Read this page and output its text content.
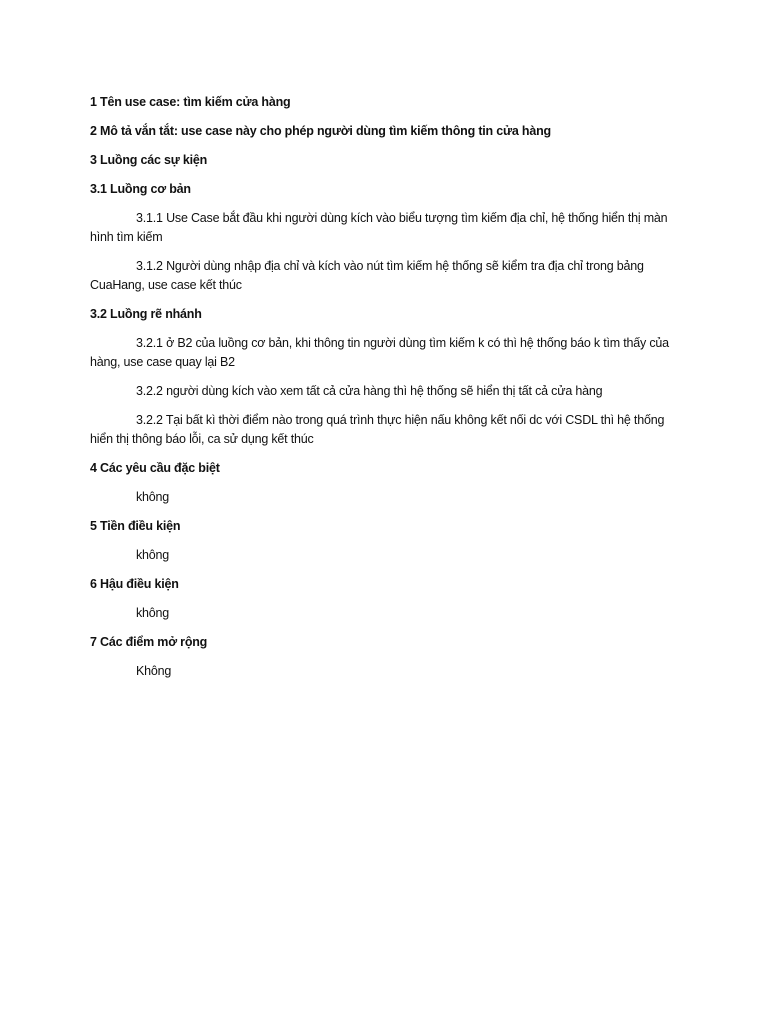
1 Tên use case: tìm kiếm cửa hàng

2 Mô tả vắn tắt: use case này cho phép người dùng tìm kiếm thông tin cửa hàng

3 Luồng các sự kiện

3.1 Luồng cơ bản

3.1.1 Use Case bắt đầu khi người dùng kích vào biểu tượng tìm kiếm địa chỉ, hệ thống hiển thị màn hình tìm kiếm

3.1.2 Người dùng nhập địa chỉ và kích vào nút tìm kiếm hệ thống sẽ kiểm tra địa chỉ trong bảng CuaHang, use case kết thúc

3.2 Luồng rẽ nhánh

3.2.1 ở B2 của luồng cơ bản, khi thông tin người dùng tìm kiếm k có thì hệ thống báo k tìm thấy của hàng, use case quay lại B2

3.2.2 người dùng kích vào xem tất cả cửa hàng thì hệ thống sẽ hiển thị tất cả cửa hàng

3.2.2 Tại bất kì thời điểm nào trong quá trình thực hiện nấu không kết nối dc với CSDL thì hệ thống hiển thị thông báo lỗi, ca sử dụng kết thúc

4 Các yêu cầu đặc biệt

không

5 Tiền điều kiện

không

6 Hậu điều kiện

không

7 Các điểm mở rộng

Không
